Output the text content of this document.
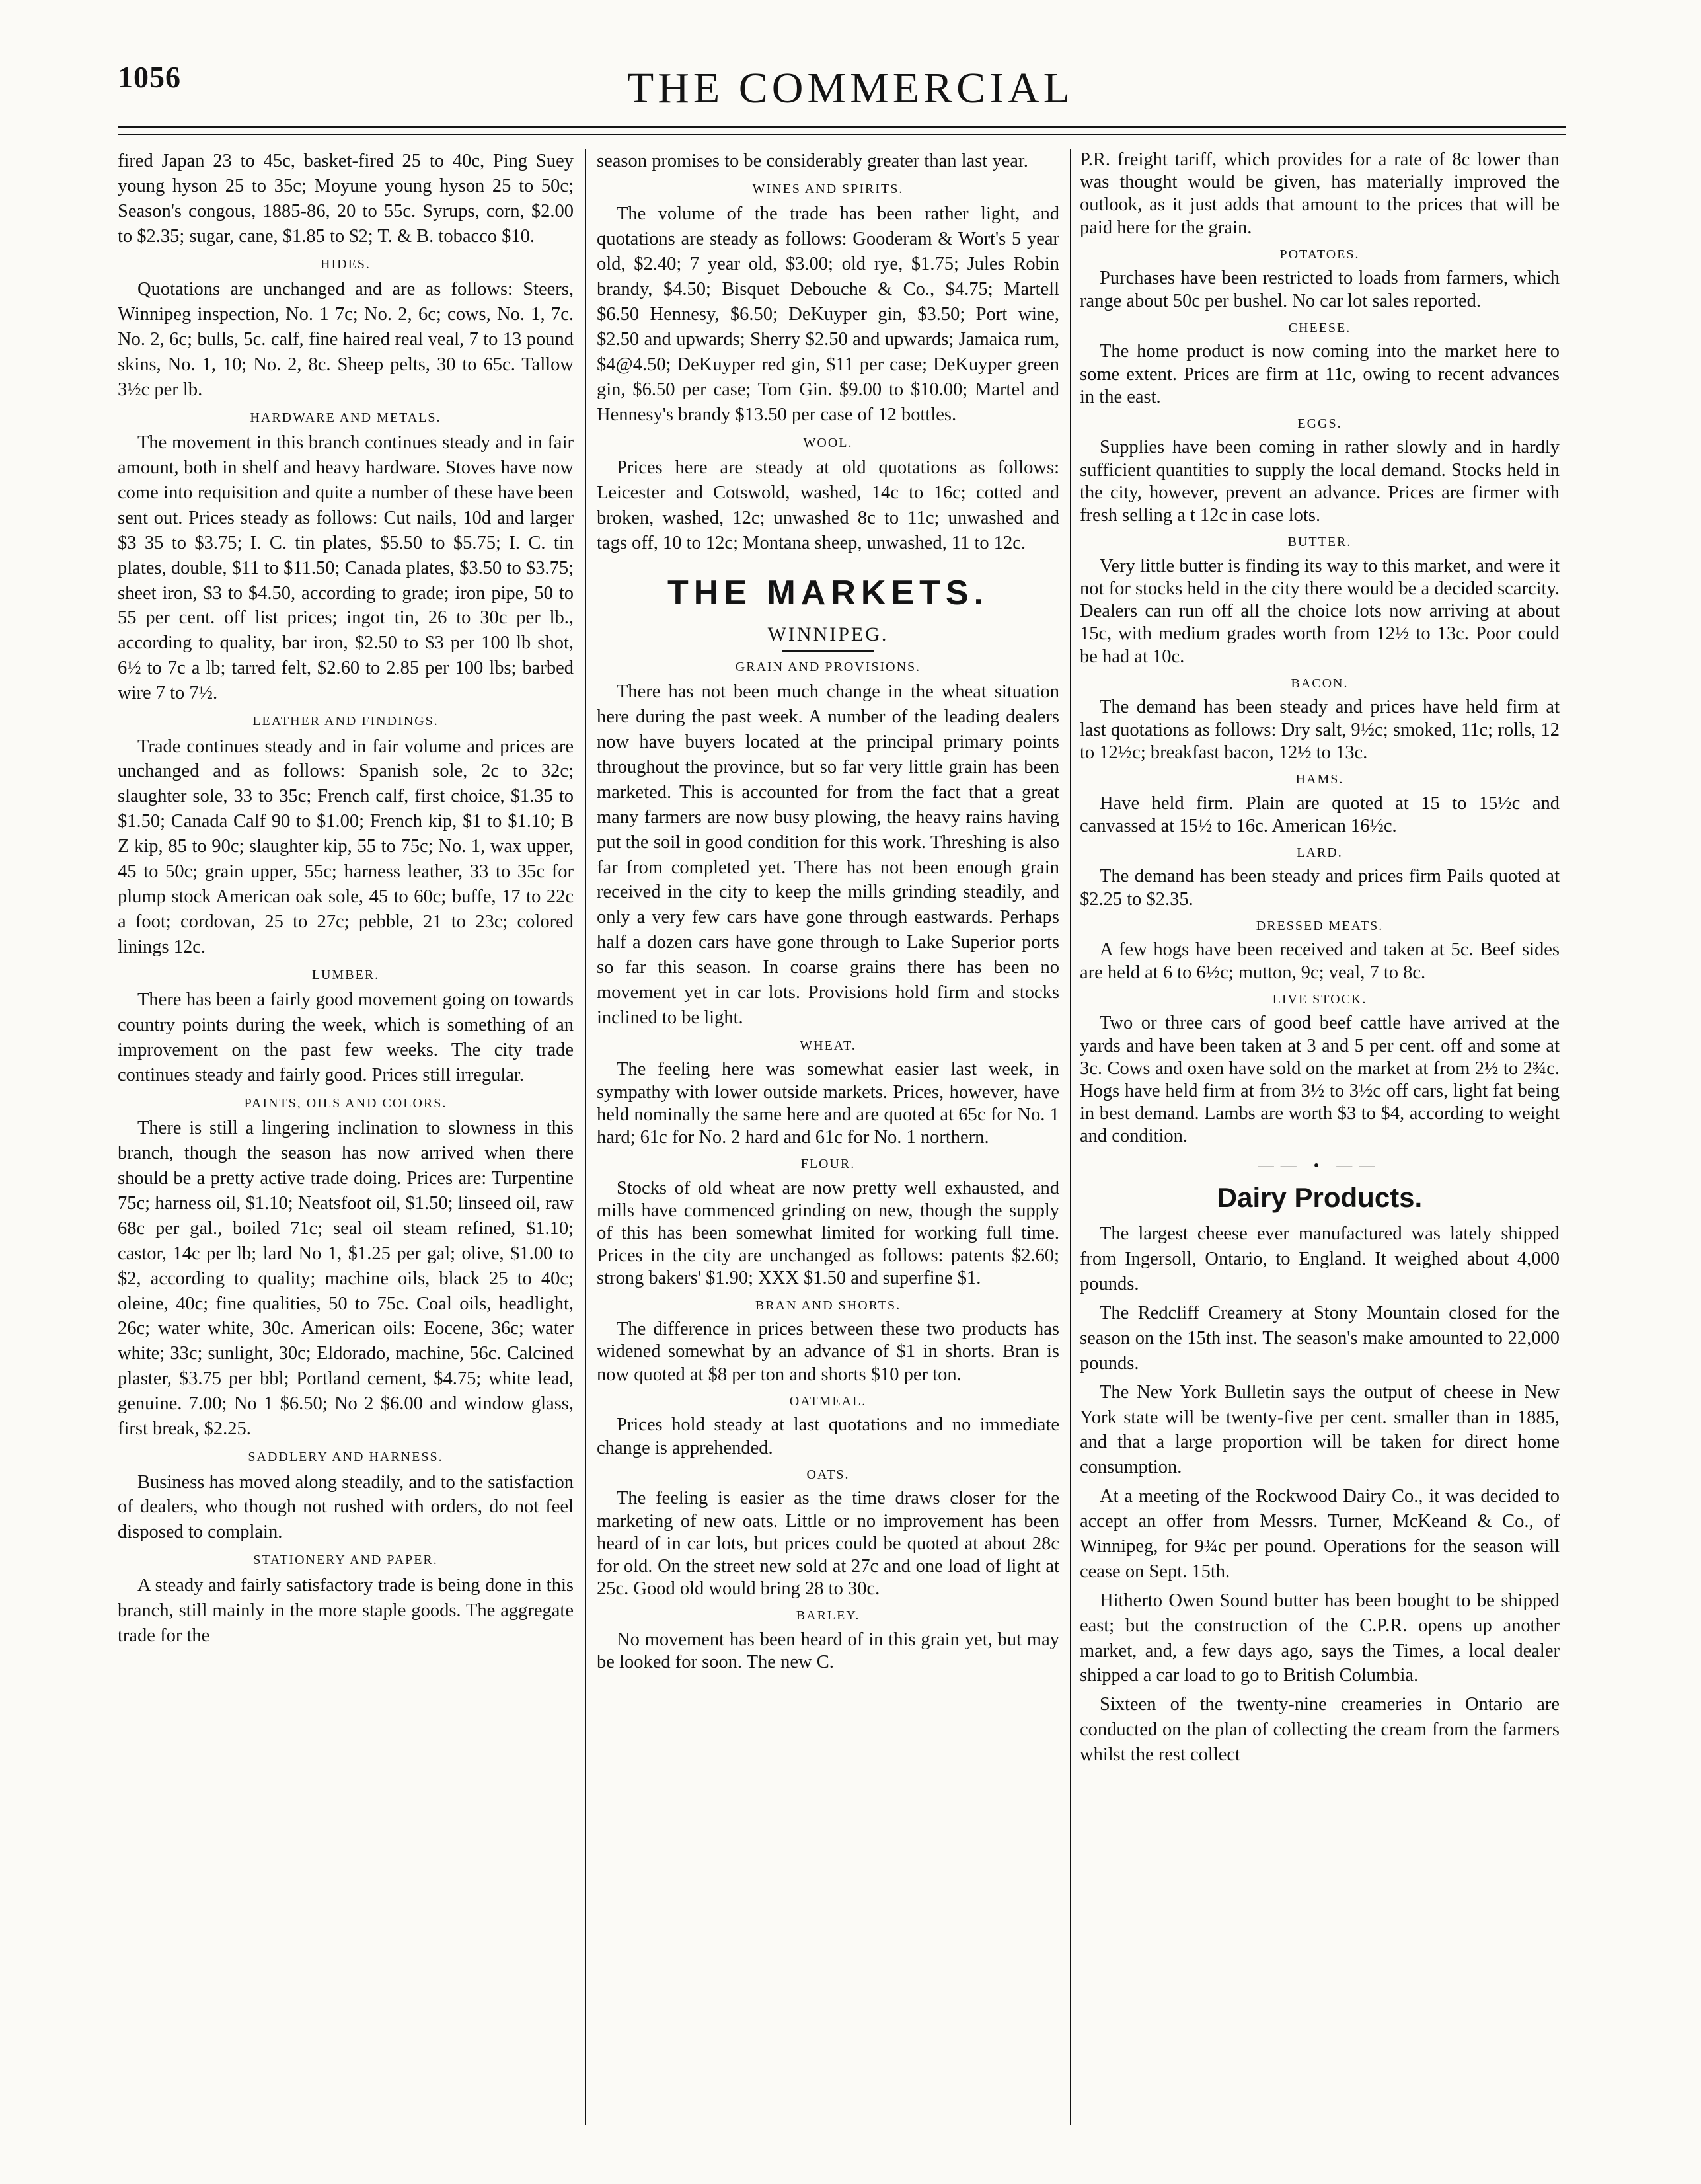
1056	THE COMMERCIAL

fired Japan 23 to 45c, basket-fired 25 to 40c, Ping Suey young hyson 25 to 35c; Moyune young hyson 25 to 50c; Season's congous, 1885-86, 20 to 55c. Syrups, corn, $2.00 to $2.35; sugar, cane, $1.85 to $2; T. & B. tobacco $10.

HIDES.

Quotations are unchanged and are as follows: Steers, Winnipeg inspection, No. 1 7c; No. 2, 6c; cows, No. 1, 7c. No. 2, 6c; bulls, 5c. calf, fine haired real veal, 7 to 13 pound skins, No. 1, 10; No. 2, 8c. Sheep pelts, 30 to 65c. Tallow 3½c per lb.

HARDWARE AND METALS.

The movement in this branch continues steady and in fair amount, both in shelf and heavy hardware. Stoves have now come into requisition and quite a number of these have been sent out. Prices steady as follows: Cut nails, 10d and larger $3 35 to $3.75; I. C. tin plates, $5.50 to $5.75; I. C. tin plates, double, $11 to $11.50; Canada plates, $3.50 to $3.75; sheet iron, $3 to $4.50, according to grade; iron pipe, 50 to 55 per cent. off list prices; ingot tin, 26 to 30c per lb., according to quality, bar iron, $2.50 to $3 per 100 lb shot, 6½ to 7c a lb; tarred felt, $2.60 to 2.85 per 100 lbs; barbed wire 7 to 7½.

LEATHER AND FINDINGS.

Trade continues steady and in fair volume and prices are unchanged and as follows: Spanish sole, 2c to 32c; slaughter sole, 33 to 35c; French calf, first choice, $1.35 to $1.50; Canada Calf 90 to $1.00; French kip, $1 to $1.10; B Z kip, 85 to 90c; slaughter kip, 55 to 75c; No. 1, wax upper, 45 to 50c; grain upper, 55c; harness leather, 33 to 35c for plump stock American oak sole, 45 to 60c; buffe, 17 to 22c a foot; cordovan, 25 to 27c; pebble, 21 to 23c; colored linings 12c.

LUMBER.

There has been a fairly good movement going on towards country points during the week, which is something of an improvement on the past few weeks. The city trade continues steady and fairly good. Prices still irregular.

PAINTS, OILS AND COLORS.

There is still a lingering inclination to slowness in this branch, though the season has now arrived when there should be a pretty active trade doing. Prices are: Turpentine 75c; harness oil, $1.10; Neatsfoot oil, $1.50; linseed oil, raw 68c per gal., boiled 71c; seal oil steam refined, $1.10; castor, 14c per lb; lard No 1, $1.25 per gal; olive, $1.00 to $2, according to quality; machine oils, black 25 to 40c; oleine, 40c; fine qualities, 50 to 75c. Coal oils, headlight, 26c; water white, 30c. American oils: Eocene, 36c; water white; 33c; sunlight, 30c; Eldorado, machine, 56c. Calcined plaster, $3.75 per bbl; Portland cement, $4.75; white lead, genuine. 7.00; No 1 $6.50; No 2 $6.00 and window glass, first break, $2.25.

SADDLERY AND HARNESS.

Business has moved along steadily, and to the satisfaction of dealers, who though not rushed with orders, do not feel disposed to complain.

STATIONERY AND PAPER.

A steady and fairly satisfactory trade is being done in this branch, still mainly in the more staple goods. The aggregate trade for the

season promises to be considerably greater than last year.

WINES AND SPIRITS.

The volume of the trade has been rather light, and quotations are steady as follows: Gooderam & Wort's 5 year old, $2.40; 7 year old, $3.00; old rye, $1.75; Jules Robin brandy, $4.50; Bisquet Debouche & Co., $4.75; Martell $6.50 Hennesy, $6.50; DeKuyper gin, $3.50; Port wine, $2.50 and upwards; Sherry $2.50 and upwards; Jamaica rum, $4@4.50; DeKuyper red gin, $11 per case; DeKuyper green gin, $6.50 per case; Tom Gin. $9.00 to $10.00; Martel and Hennesy's brandy $13.50 per case of 12 bottles.

WOOL.

Prices here are steady at old quotations as follows: Leicester and Cotswold, washed, 14c to 16c; cotted and broken, washed, 12c; unwashed 8c to 11c; unwashed and tags off, 10 to 12c; Montana sheep, unwashed, 11 to 12c.

THE MARKETS.
WINNIPEG.
GRAIN AND PROVISIONS.

There has not been much change in the wheat situation here during the past week. A number of the leading dealers now have buyers located at the principal primary points throughout the province, but so far very little grain has been marketed. This is accounted for from the fact that a great many farmers are now busy plowing, the heavy rains having put the soil in good condition for this work. Threshing is also far from completed yet. There has not been enough grain received in the city to keep the mills grinding steadily, and only a very few cars have gone through eastwards. Perhaps half a dozen cars have gone through to Lake Superior ports so far this season. In coarse grains there has been no movement yet in car lots. Provisions hold firm and stocks inclined to be light.

WHEAT.

The feeling here was somewhat easier last week, in sympathy with lower outside markets. Prices, however, have held nominally the same here and are quoted at 65c for No. 1 hard; 61c for No. 2 hard and 61c for No. 1 northern.

FLOUR.

Stocks of old wheat are now pretty well exhausted, and mills have commenced grinding on new, though the supply of this has been somewhat limited for working full time. Prices in the city are unchanged as follows: patents $2.60; strong bakers' $1.90; XXX $1.50 and superfine $1.

BRAN AND SHORTS.

The difference in prices between these two products has widened somewhat by an advance of $1 in shorts. Bran is now quoted at $8 per ton and shorts $10 per ton.

OATMEAL.

Prices hold steady at last quotations and no immediate change is apprehended.

OATS.

The feeling is easier as the time draws closer for the marketing of new oats. Little or no improvement has been heard of in car lots, but prices could be quoted at about 28c for old. On the street new sold at 27c and one load of light at 25c. Good old would bring 28 to 30c.

BARLEY.

No movement has been heard of in this grain yet, but may be looked for soon. The new C.

P.R. freight tariff, which provides for a rate of 8c lower than was thought would be given, has materially improved the outlook, as it just adds that amount to the prices that will be paid here for the grain.

POTATOES.

Purchases have been restricted to loads from farmers, which range about 50c per bushel. No car lot sales reported.

CHEESE.

The home product is now coming into the market here to some extent. Prices are firm at 11c, owing to recent advances in the east.

EGGS.

Supplies have been coming in rather slowly and in hardly sufficient quantities to supply the local demand. Stocks held in the city, however, prevent an advance. Prices are firmer with fresh selling a t 12c in case lots.

BUTTER.

Very little butter is finding its way to this market, and were it not for stocks held in the city there would be a decided scarcity. Dealers can run off all the choice lots now arriving at about 15c, with medium grades worth from 12½ to 13c. Poor could be had at 10c.

BACON.

The demand has been steady and prices have held firm at last quotations as follows: Dry salt, 9½c; smoked, 11c; rolls, 12 to 12½c; breakfast bacon, 12½ to 13c.

HAMS.

Have held firm. Plain are quoted at 15 to 15½c and canvassed at 15½ to 16c. American 16½c.

LARD.

The demand has been steady and prices firm Pails quoted at $2.25 to $2.35.

DRESSED MEATS.

A few hogs have been received and taken at 5c. Beef sides are held at 6 to 6½c; mutton, 9c; veal, 7 to 8c.

LIVE STOCK.

Two or three cars of good beef cattle have arrived at the yards and have been taken at 3 and 5 per cent. off and some at 3c. Cows and oxen have sold on the market at from 2½ to 2¾c. Hogs have held firm at from 3½ to 3½c off cars, light fat being in best demand. Lambs are worth $3 to $4, according to weight and condition.

—— • ——
Dairy Products.

The largest cheese ever manufactured was lately shipped from Ingersoll, Ontario, to England. It weighed about 4,000 pounds.

The Redcliff Creamery at Stony Mountain closed for the season on the 15th inst. The season's make amounted to 22,000 pounds.

The New York Bulletin says the output of cheese in New York state will be twenty-five per cent. smaller than in 1885, and that a large proportion will be taken for direct home consumption.

At a meeting of the Rockwood Dairy Co., it was decided to accept an offer from Messrs. Turner, McKeand & Co., of Winnipeg, for 9¾c per pound. Operations for the season will cease on Sept. 15th.

Hitherto Owen Sound butter has been bought to be shipped east; but the construction of the C.P.R. opens up another market, and, a few days ago, says the Times, a local dealer shipped a car load to go to British Columbia.

Sixteen of the twenty-nine creameries in Ontario are conducted on the plan of collecting the cream from the farmers whilst the rest collect
